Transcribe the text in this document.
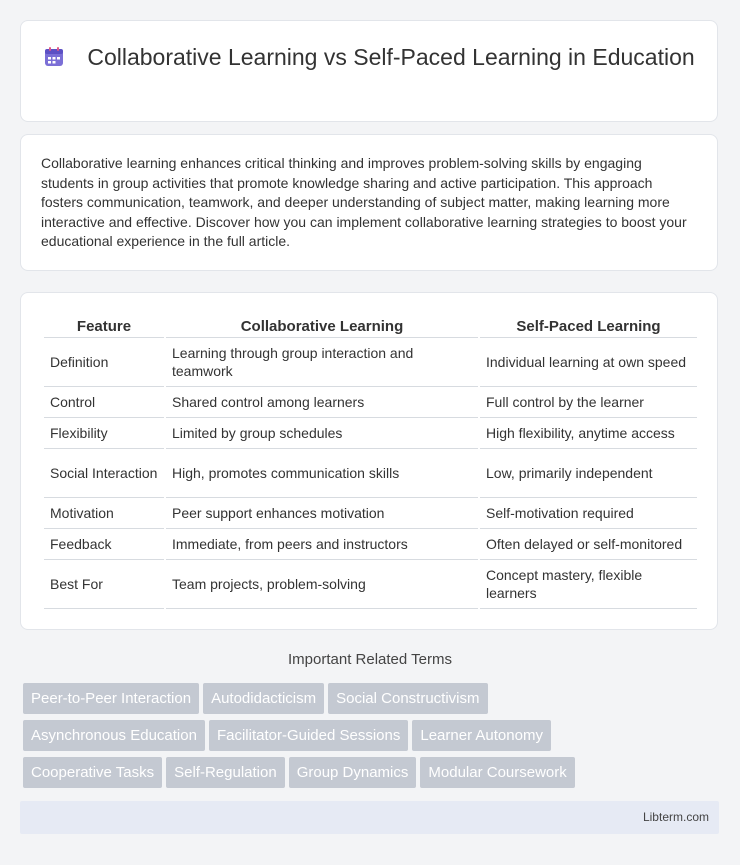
Collaborative Learning vs Self-Paced Learning in Education
Collaborative learning enhances critical thinking and improves problem-solving skills by engaging students in group activities that promote knowledge sharing and active participation. This approach fosters communication, teamwork, and deeper understanding of subject matter, making learning more interactive and effective. Discover how you can implement collaborative learning strategies to boost your educational experience in the full article.
Feature	Collaborative Learning	Self-Paced Learning
Definition	Learning through group interaction and teamwork	Individual learning at own speed
Control	Shared control among learners	Full control by the learner
Flexibility	Limited by group schedules	High flexibility, anytime access
Social Interaction	High, promotes communication skills	Low, primarily independent
Motivation	Peer support enhances motivation	Self-motivation required
Feedback	Immediate, from peers and instructors	Often delayed or self-monitored
Best For	Team projects, problem-solving	Concept mastery, flexible learners
Important Related Terms
Peer-to-Peer Interaction Autodidacticism Social Constructivism
Asynchronous Education Facilitator-Guided Sessions Learner Autonomy
Cooperative Tasks Self-Regulation Group Dynamics Modular Coursework
Libterm.com
